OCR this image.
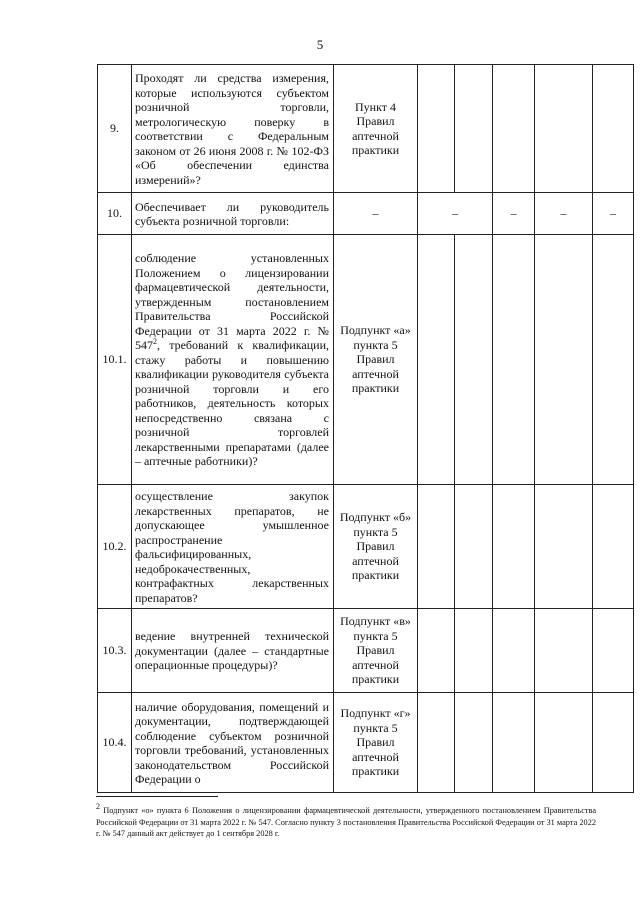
5
9.	Проходят ли средства измерения, которые используются субъектом розничной торговли, метрологическую поверку в соответствии с Федеральным законом от 26 июня 2008 г. № 102-ФЗ «Об обеспечении единства измерений»?	Пункт 4 Правил аптечной практики					
10.	Обеспечивает ли руководитель субъекта розничной торговли:	–	–		–	–	–
10.1.	соблюдение установленных Положением о лицензировании фармацевтической деятельности, утвержденным постановлением Правительства Российской Федерации от 31 марта 2022 г. № $547^2$, требований к квалификации, стажу работы и повышению квалификации руководителя субъекта розничной торговли и его работников, деятельность которых непосредственно связана с розничной торговлей лекарственными препаратами (далее – аптечные работники)?	Подпункт «а» пункта 5 Правил аптечной практики					
10.2.	осуществление закупок лекарственных препаратов, не допускающее умышленное распространение фальсифицированных, недоброкачественных, контрафактных лекарственных препаратов?	Подпункт «б» пункта 5 Правил аптечной практики					
10.3.	ведение внутренней технической документации (далее – стандартные операционные процедуры)?	Подпункт «в» пункта 5 Правил аптечной практики					
10.4.	наличие оборудования, помещений и документации, подтверждающей соблюдение субъектом розничной торговли требований, установленных законодательством Российской Федерации о	Подпункт «г» пункта 5 Правил аптечной практики					
$^2$ Подпункт «о» пункта 6 Положения о лицензировании фармацевтической деятельности, утвержденного постановлением Правительства Российской Федерации от 31 марта 2022 г. № 547. Согласно пункту 3 постановления Правительства Российской Федерации от 31 марта 2022 г. № 547 данный акт действует до 1 сентября 2028 г.
